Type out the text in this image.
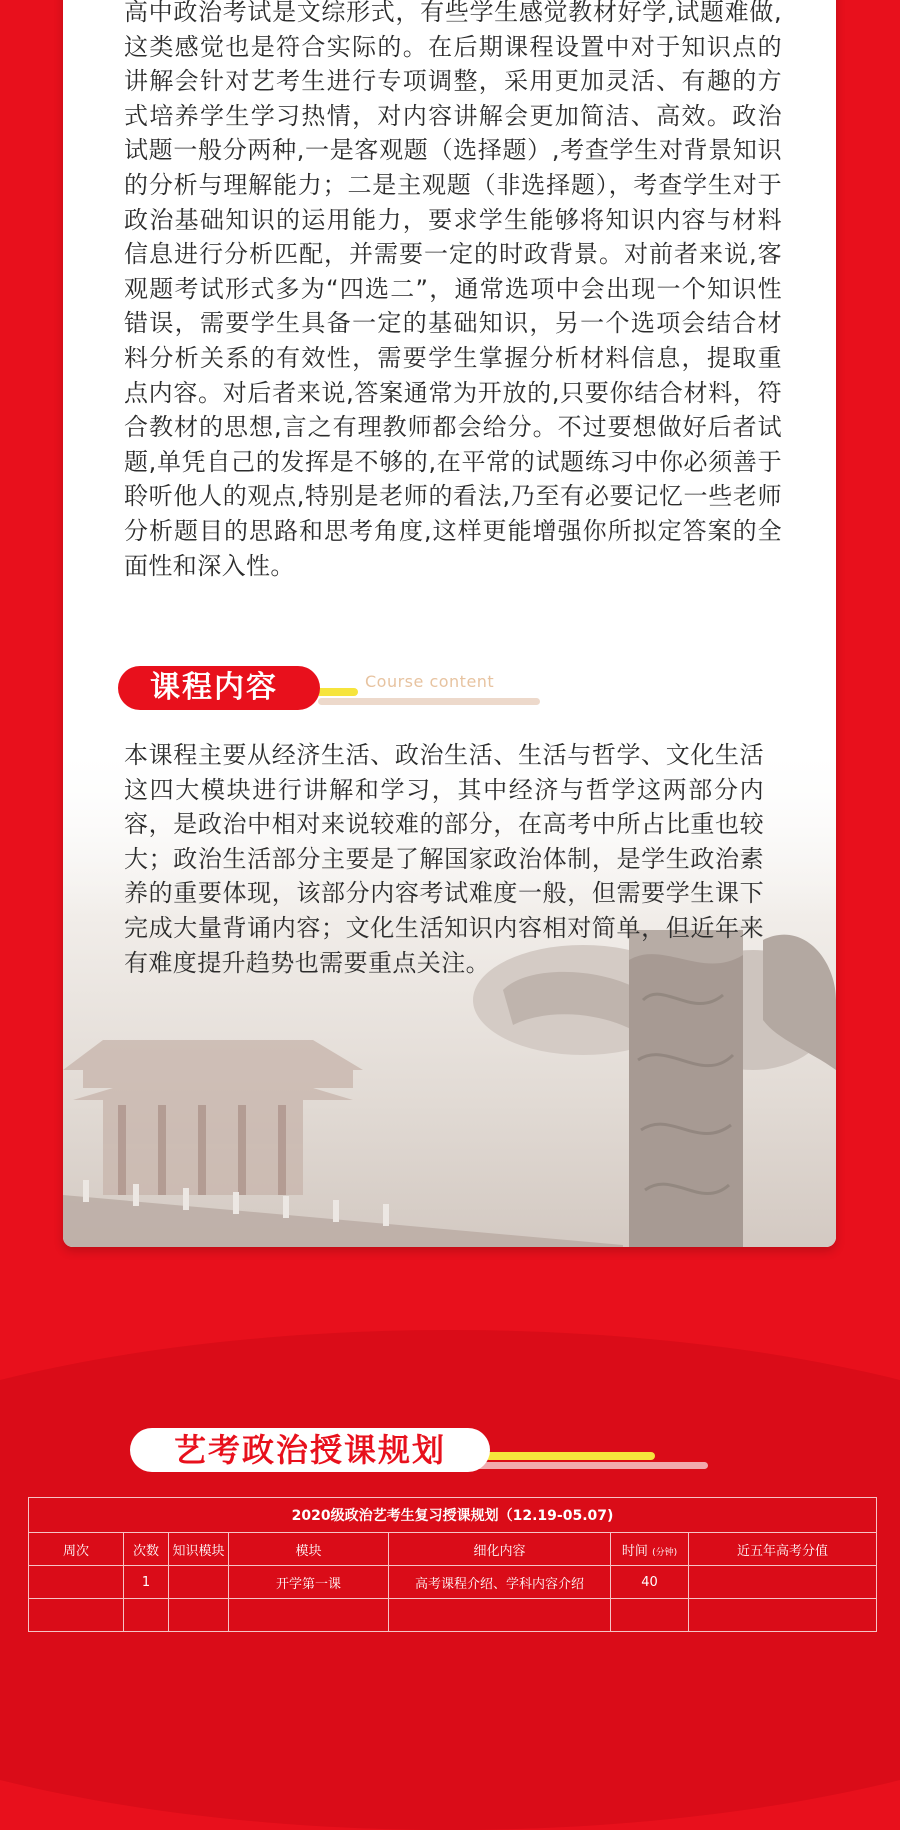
高中政治考试是文综形式，有些学生感觉教材好学,试题难做,这类感觉也是符合实际的。在后期课程设置中对于知识点的讲解会针对艺考生进行专项调整，采用更加灵活、有趣的方式培养学生学习热情，对内容讲解会更加简洁、高效。政治试题一般分两种,一是客观题（选择题）,考查学生对背景知识的分析与理解能力；二是主观题（非选择题），考查学生对于政治基础知识的运用能力，要求学生能够将知识内容与材料信息进行分析匹配，并需要一定的时政背景。对前者来说,客观题考试形式多为“四选二”，通常选项中会出现一个知识性错误，需要学生具备一定的基础知识，另一个选项会结合材料分析关系的有效性，需要学生掌握分析材料信息，提取重点内容。对后者来说,答案通常为开放的,只要你结合材料，符合教材的思想,言之有理教师都会给分。不过要想做好后者试题,单凭自己的发挥是不够的,在平常的试题练习中你必须善于聆听他人的观点,特别是老师的看法,乃至有必要记忆一些老师分析题目的思路和思考角度,这样更能增强你所拟定答案的全面性和深入性。

课程内容	Course content

本课程主要从经济生活、政治生活、生活与哲学、文化生活这四大模块进行讲解和学习，其中经济与哲学这两部分内容，是政治中相对来说较难的部分，在高考中所占比重也较大；政治生活部分主要是了解国家政治体制，是学生政治素养的重要体现，该部分内容考试难度一般，但需要学生课下完成大量背诵内容；文化生活知识内容相对简单，但近年来有难度提升趋势也需要重点关注。

艺考政治授课规划
2020级政治艺考生复习授课规划（12.19-05.07)						
周次	次数	知识模块	模块	细化内容	时间 (分钟)	近五年高考分值
	1		开学第一课	高考课程介绍、学科内容介绍	40	
